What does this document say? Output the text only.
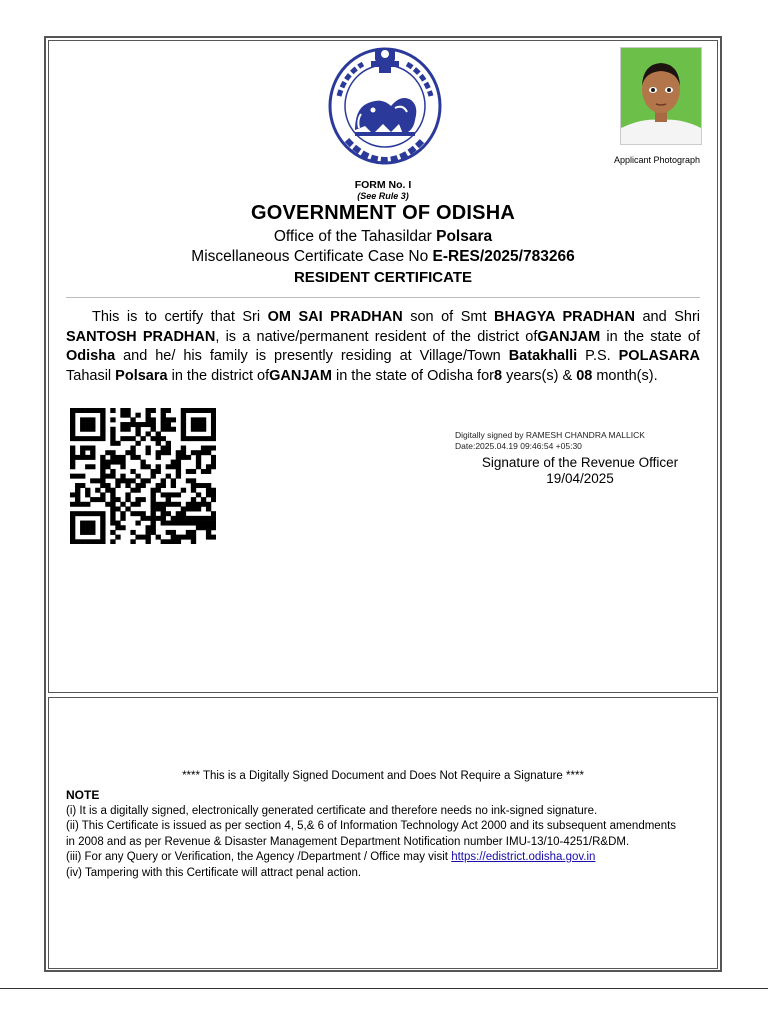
Applicant Photograph
FORM No. I
(See Rule 3)
GOVERNMENT OF ODISHA
Office of the Tahasildar Polsara
Miscellaneous Certificate Case No E-RES/2025/783266
RESIDENT CERTIFICATE
This is to certify that Sri OM SAI PRADHAN son of Smt BHAGYA PRADHAN and Shri SANTOSH PRADHAN, is a native/permanent resident of the district ofGANJAM in the state of Odisha and he/ his family is presently residing at Village/Town Batakhalli P.S. POLASARA Tahasil Polsara in the district ofGANJAM in the state of Odisha for8 years(s) & 08 month(s).
Digitally signed by RAMESH CHANDRA MALLICK
Date:2025.04.19 09:46:54 +05:30
Signature of the Revenue Officer
19/04/2025
**** This is a Digitally Signed Document and Does Not Require a Signature ****
NOTE
(i) It is a digitally signed, electronically generated certificate and therefore needs no ink-signed signature.
(ii) This Certificate is issued as per section 4, 5,& 6 of Information Technology Act 2000 and its subsequent amendments in 2008 and as per Revenue & Disaster Management Department Notification number IMU-13/10-4251/R&DM.
(iii) For any Query or Verification, the Agency /Department / Office may visit https://edistrict.odisha.gov.in
(iv) Tampering with this Certificate will attract penal action.
